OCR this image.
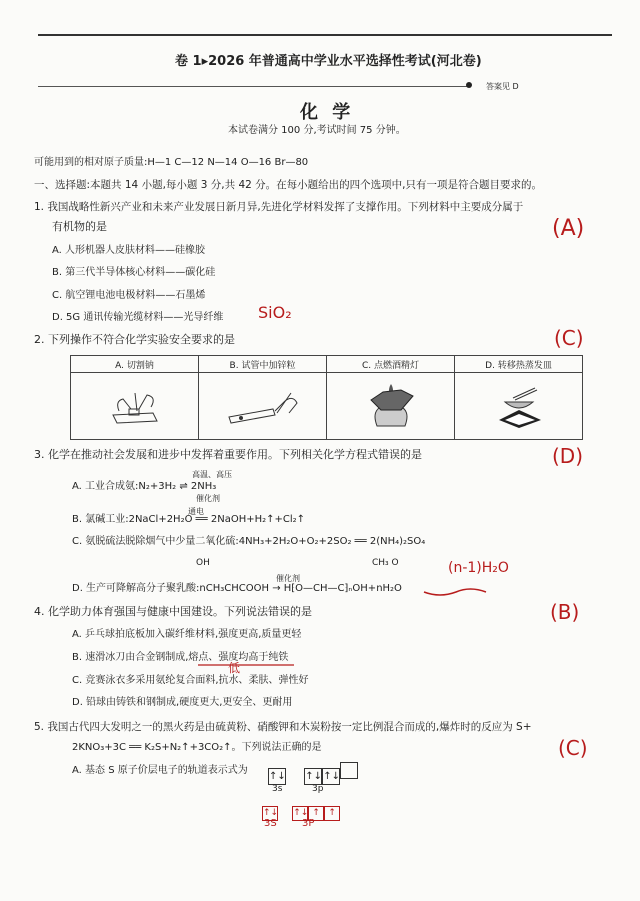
卷 1▸2026 年普通高中学业水平选择性考试(河北卷)
答案见 D
化 学
本试卷满分 100 分,考试时间 75 分钟。
可能用到的相对原子质量:H—1 C—12 N—14 O—16 Br—80
一、选择题:本题共 14 小题,每小题 3 分,共 42 分。在每小题给出的四个选项中,只有一项是符合题目要求的。
1. 我国战略性新兴产业和未来产业发展日新月异,先进化学材料发挥了支撑作用。下列材料中主要成分属于
有机物的是	(A)
A. 人形机器人皮肤材料——硅橡胶
B. 第三代半导体核心材料——碳化硅
C. 航空锂电池电极材料——石墨烯
D. 5G 通讯传输光缆材料——光导纤维 SiO₂
2. 下列操作不符合化学实验安全要求的是	(C)
A. 切割钠	B. 试管中加锌粒	C. 点燃酒精灯	D. 转移热蒸发皿

3. 化学在推动社会发展和进步中发挥着重要作用。下列相关化学方程式错误的是	(D)
高温、高压
A. 工业合成氨:N₂+3H₂ ⇌ 2NH₃
催化剂
通电
B. 氯碱工业:2NaCl+2H₂O ══ 2NaOH+H₂↑+Cl₂↑
C. 氨脱硫法脱除烟气中少量二氧化硫:4NH₃+2H₂O+O₂+2SO₂ ══ 2(NH₄)₂SO₄
OH	CH₃ O	(n-1)H₂O
催化剂
D. 生产可降解高分子聚乳酸:nCH₃CHCOOH → H⁅O—CH—C⁆ₙOH+nH₂O
4. 化学助力体育强国与健康中国建设。下列说法错误的是	(B)
A. 乒乓球拍底板加入碳纤维材料,强度更高,质量更轻
B. 速滑冰刀由合金钢制成,熔点、强度均高于纯铁
低
C. 竞赛泳衣多采用氨纶复合面料,抗水、柔肤、弹性好
D. 铅球由铸铁和钢制成,硬度更大,更安全、更耐用
5. 我国古代四大发明之一的黑火药是由硫黄粉、硝酸钾和木炭粉按一定比例混合而成的,爆炸时的反应为 S+
2KNO₃+3C ══ K₂S+N₂↑+3CO₂↑。下列说法正确的是	(C)
A. 基态 S 原子价层电子的轨道表示式为
↑↓ ↑↓↑↓
3s	3p
↑↓ ↑↓ ↑ ↑
3S	3P
